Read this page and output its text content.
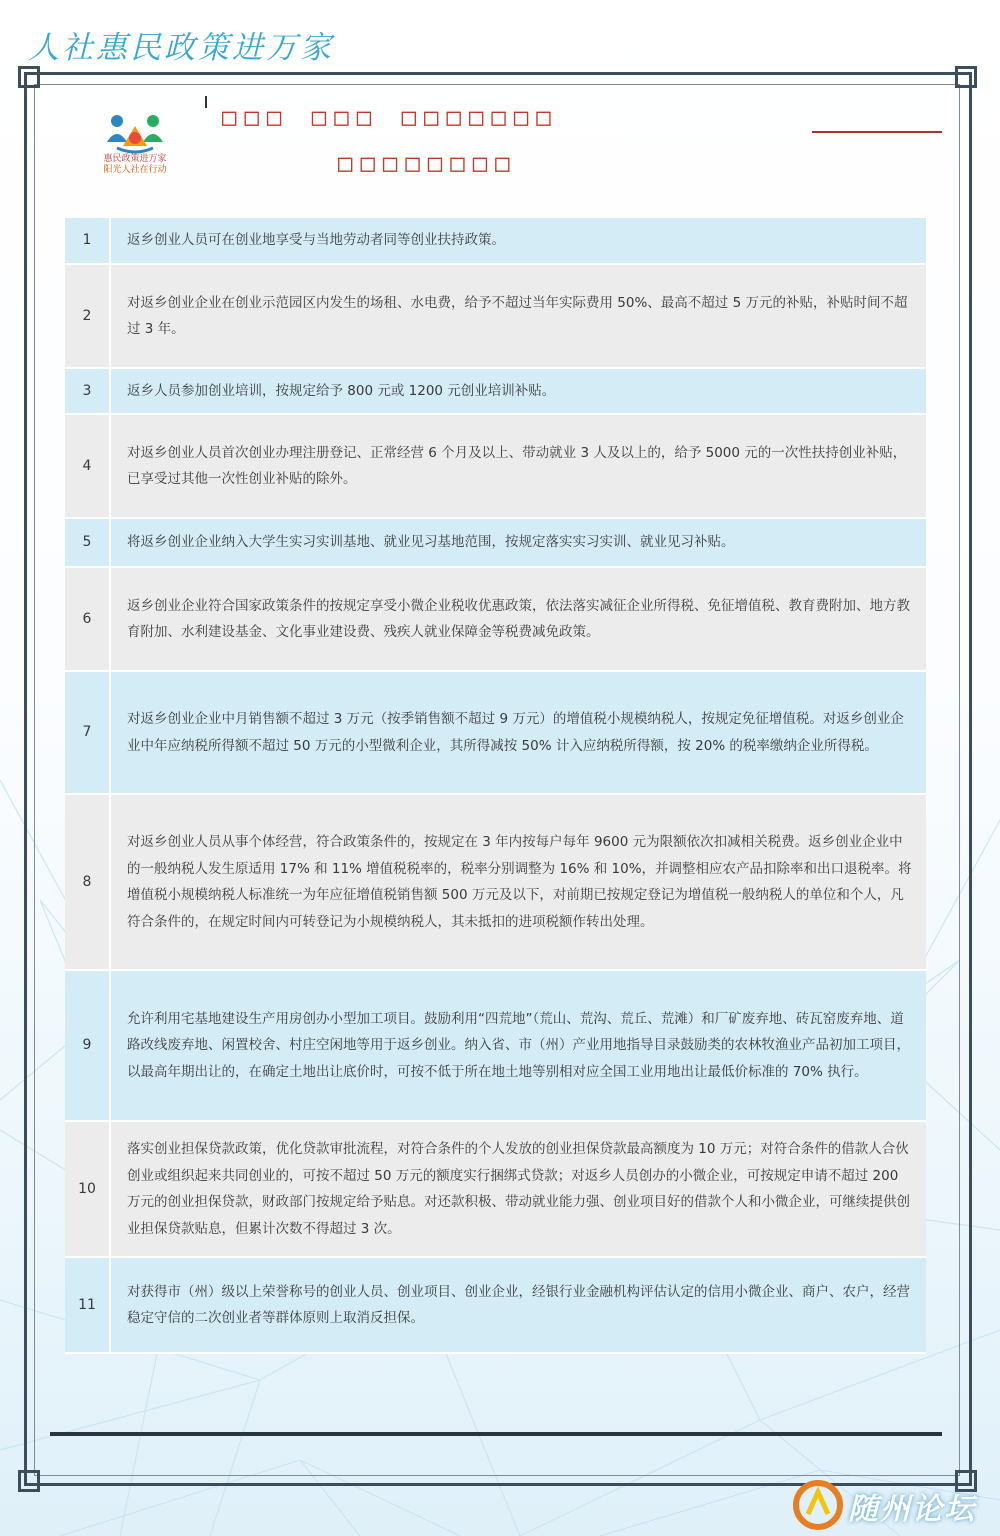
人社惠民政策进万家
惠民政策进万家
阳光人社在行动
□□□ □□□ □□□□□□□
□□□□□□□□
1	返乡创业人员可在创业地享受与当地劳动者同等创业扶持政策。
2	对返乡创业企业在创业示范园区内发生的场租、水电费，给予不超过当年实际费用 50%、最高不超过 5 万元的补贴，补贴时间不超过 3 年。
3	返乡人员参加创业培训，按规定给予 800 元或 1200 元创业培训补贴。
4	对返乡创业人员首次创业办理注册登记、正常经营 6 个月及以上、带动就业 3 人及以上的，给予 5000 元的一次性扶持创业补贴，已享受过其他一次性创业补贴的除外。
5	将返乡创业企业纳入大学生实习实训基地、就业见习基地范围，按规定落实实习实训、就业见习补贴。
6	返乡创业企业符合国家政策条件的按规定享受小微企业税收优惠政策，依法落实减征企业所得税、免征增值税、教育费附加、地方教育附加、水利建设基金、文化事业建设费、残疾人就业保障金等税费减免政策。
7	对返乡创业企业中月销售额不超过 3 万元（按季销售额不超过 9 万元）的增值税小规模纳税人，按规定免征增值税。对返乡创业企业中年应纳税所得额不超过 50 万元的小型微利企业，其所得减按 50% 计入应纳税所得额，按 20% 的税率缴纳企业所得税。
8	对返乡创业人员从事个体经营，符合政策条件的，按规定在 3 年内按每户每年 9600 元为限额依次扣减相关税费。返乡创业企业中的一般纳税人发生原适用 17% 和 11% 增值税税率的，税率分别调整为 16% 和 10%，并调整相应农产品扣除率和出口退税率。将增值税小规模纳税人标准统一为年应征增值税销售额 500 万元及以下，对前期已按规定登记为增值税一般纳税人的单位和个人，凡符合条件的，在规定时间内可转登记为小规模纳税人，其未抵扣的进项税额作转出处理。
9	允许利用宅基地建设生产用房创办小型加工项目。鼓励利用“四荒地”（荒山、荒沟、荒丘、荒滩）和厂矿废弃地、砖瓦窑废弃地、道路改线废弃地、闲置校舍、村庄空闲地等用于返乡创业。纳入省、市（州）产业用地指导目录鼓励类的农林牧渔业产品初加工项目，以最高年期出让的，在确定土地出让底价时，可按不低于所在地土地等别相对应全国工业用地出让最低价标准的 70% 执行。
10	落实创业担保贷款政策，优化贷款审批流程，对符合条件的个人发放的创业担保贷款最高额度为 10 万元；对符合条件的借款人合伙创业或组织起来共同创业的，可按不超过 50 万元的额度实行捆绑式贷款；对返乡人员创办的小微企业，可按规定申请不超过 200 万元的创业担保贷款，财政部门按规定给予贴息。对还款积极、带动就业能力强、创业项目好的借款个人和小微企业，可继续提供创业担保贷款贴息，但累计次数不得超过 3 次。
11	对获得市（州）级以上荣誉称号的创业人员、创业项目、创业企业，经银行业金融机构评估认定的信用小微企业、商户、农户，经营稳定守信的二次创业者等群体原则上取消反担保。
随州论坛
